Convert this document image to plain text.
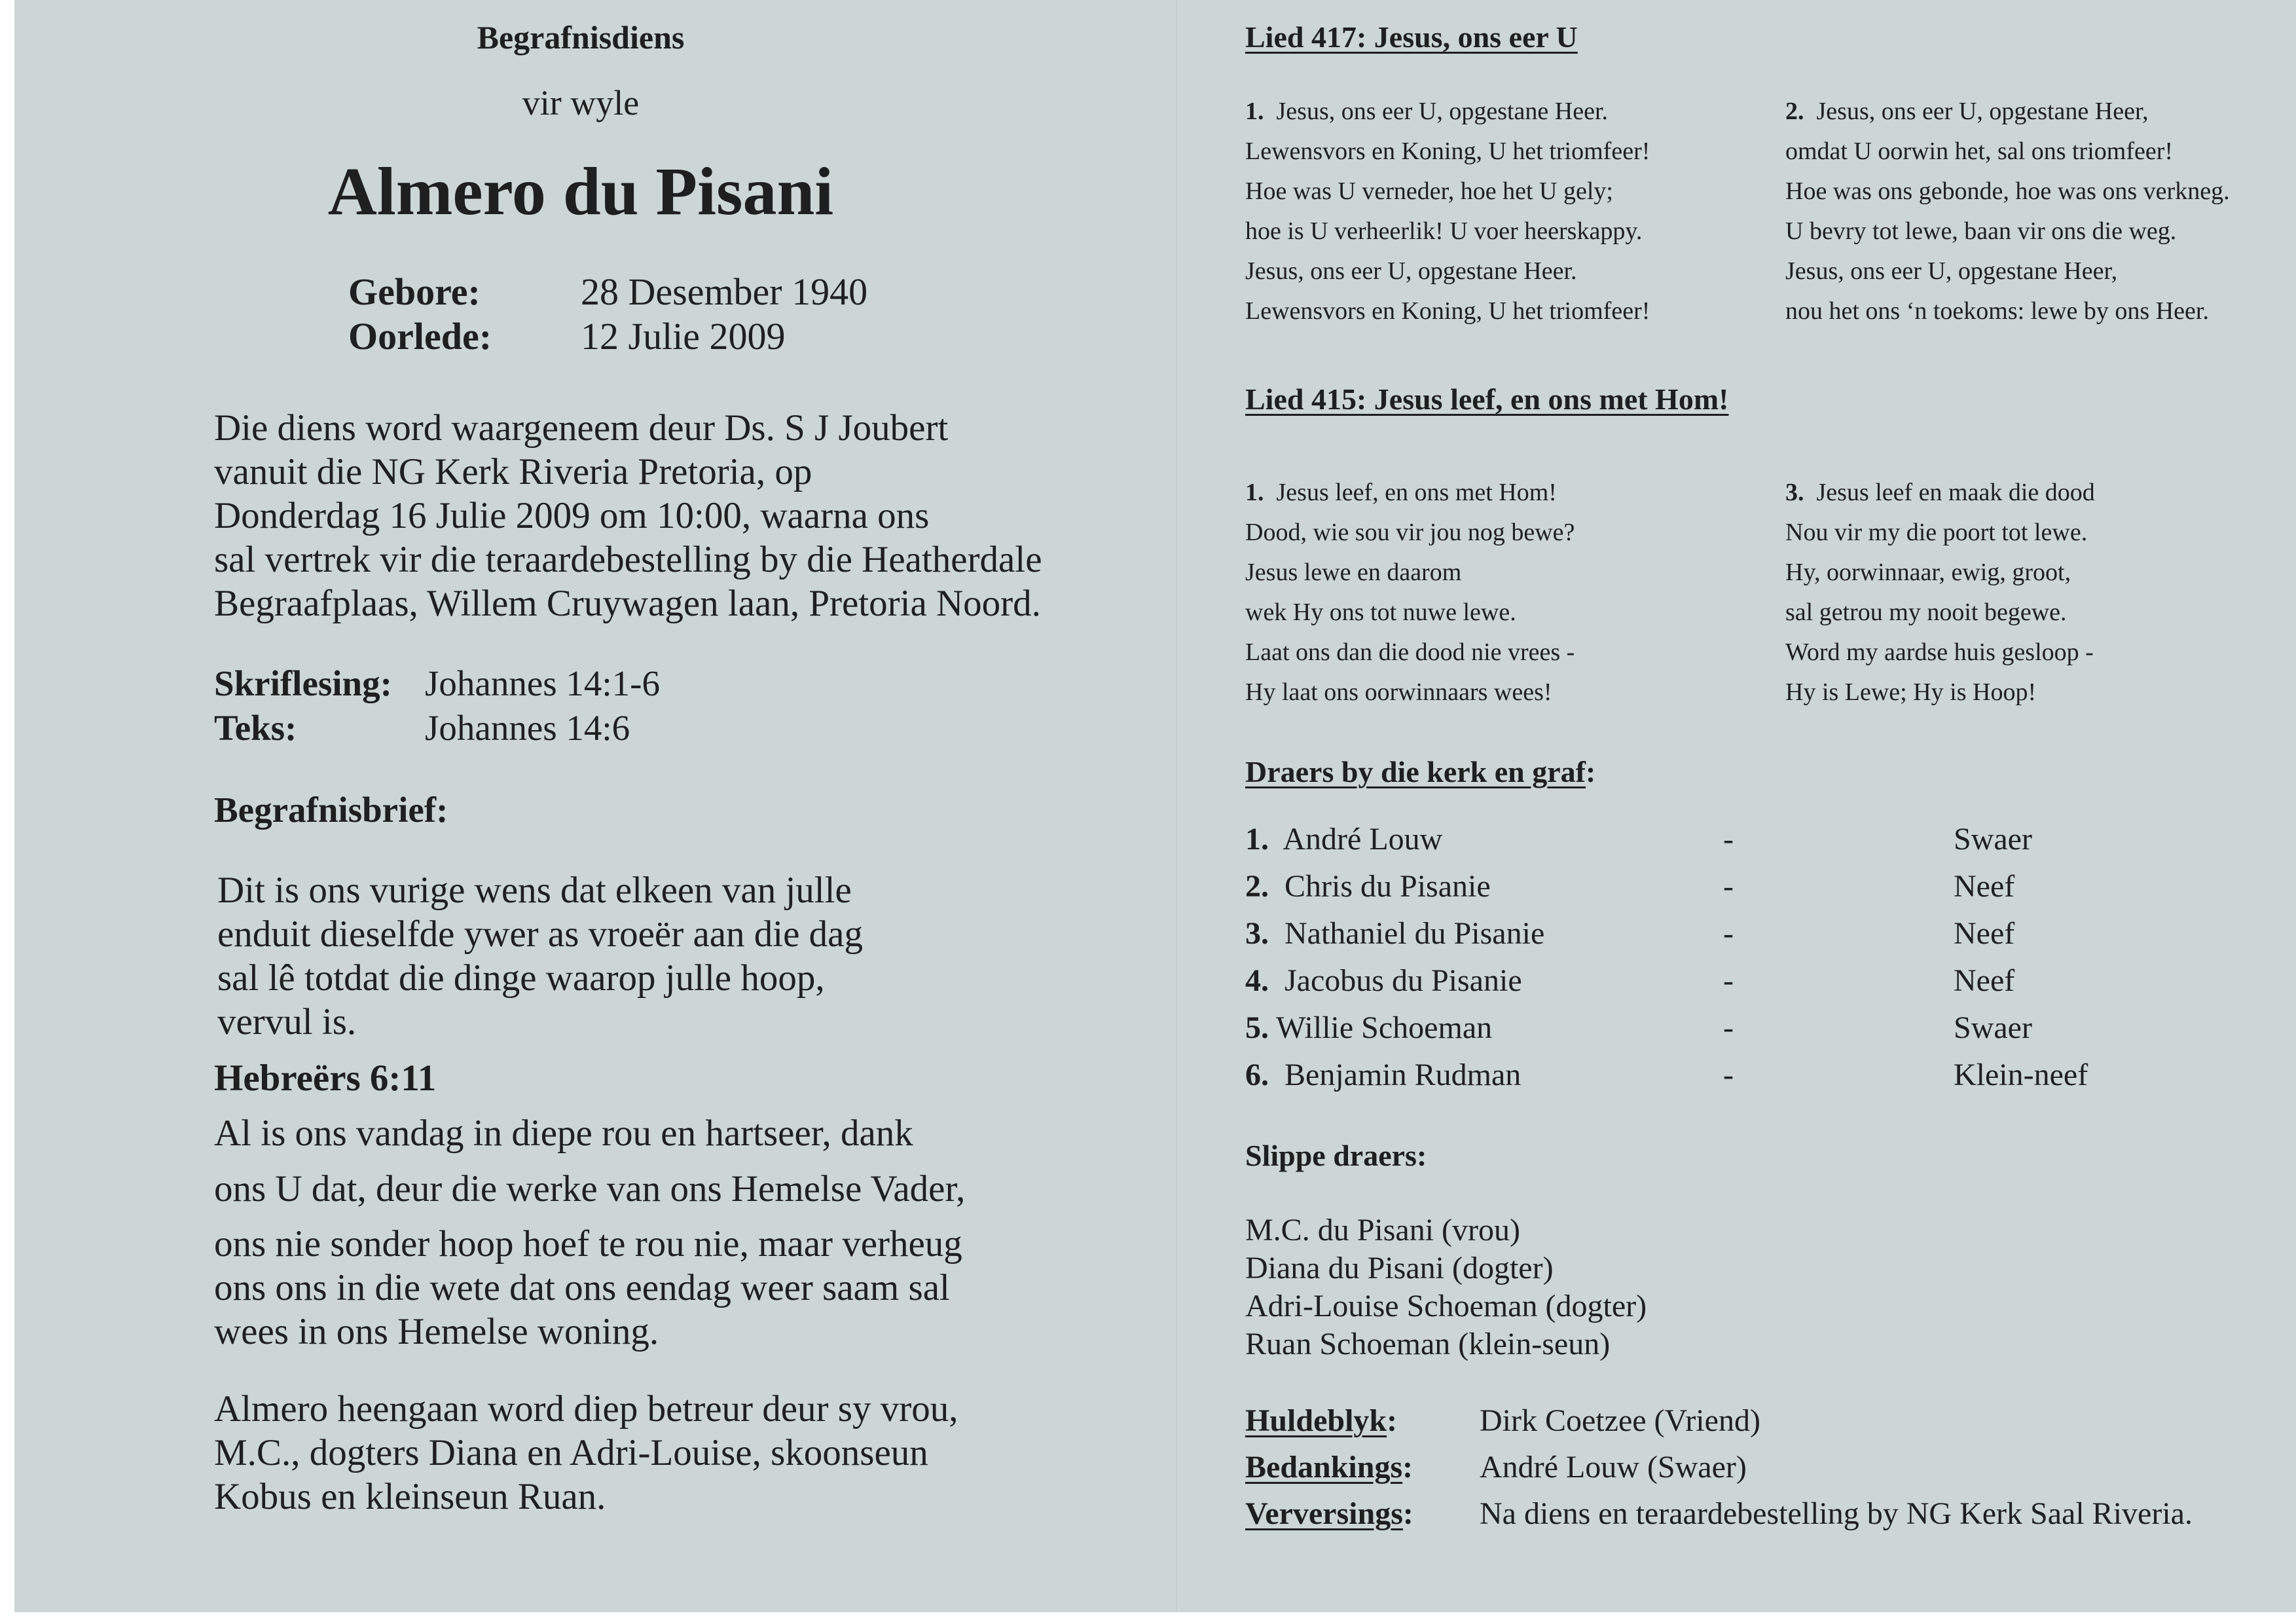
Begrafnisdiens
vir wyle
Almero du Pisani
Gebore:	28 Desember 1940
Oorlede: 12 Julie 2009
Die diens word waargeneem deur Ds. S J Joubert
vanuit die NG Kerk Riveria Pretoria, op
Donderdag 16 Julie 2009 om 10:00, waarna ons
sal vertrek vir die teraardebestelling by die Heatherdale
Begraafplaas, Willem Cruywagen laan, Pretoria Noord.
Skriflesing: Johannes 14:1-6
Teks:	Johannes 14:6
Begrafnisbrief:
Dit is ons vurige wens dat elkeen van julle
enduit dieselfde ywer as vroeër aan die dag
sal lê totdat die dinge waarop julle hoop,
vervul is.
Hebreërs 6:11
Al is ons vandag in diepe rou en hartseer, dank
ons U dat, deur die werke van ons Hemelse Vader,
ons nie sonder hoop hoef te rou nie, maar verheug
ons ons in die wete dat ons eendag weer saam sal
wees in ons Hemelse woning.
Almero heengaan word diep betreur deur sy vrou,
M.C., dogters Diana en Adri-Louise, skoonseun
Kobus en kleinseun Ruan.
Lied 417: Jesus, ons eer U
1. Jesus, ons eer U, opgestane Heer.
Lewensvors en Koning, U het triomfeer!
Hoe was U verneder, hoe het U gely;
hoe is U verheerlik! U voer heerskappy.
Jesus, ons eer U, opgestane Heer.
Lewensvors en Koning, U het triomfeer!
2. Jesus, ons eer U, opgestane Heer,
omdat U oorwin het, sal ons triomfeer!
Hoe was ons gebonde, hoe was ons verkneg.
U bevry tot lewe, baan vir ons die weg.
Jesus, ons eer U, opgestane Heer,
nou het ons ‘n toekoms: lewe by ons Heer.
Lied 415: Jesus leef, en ons met Hom!
1. Jesus leef, en ons met Hom!
Dood, wie sou vir jou nog bewe?
Jesus lewe en daarom
wek Hy ons tot nuwe lewe.
Laat ons dan die dood nie vrees -
Hy laat ons oorwinnaars wees!
3. Jesus leef en maak die dood
Nou vir my die poort tot lewe.
Hy, oorwinnaar, ewig, groot,
sal getrou my nooit begewe.
Word my aardse huis gesloop -
Hy is Lewe; Hy is Hoop!
Draers by die kerk en graf:
1. André Louw	-	Swaer
2. Chris du Pisanie	-	Neef
3. Nathaniel du Pisanie	-	Neef
4. Jacobus du Pisanie	-	Neef
5. Willie Schoeman	-	Swaer
6. Benjamin Rudman	-	Klein-neef
Slippe draers:
M.C. du Pisani (vrou)
Diana du Pisani (dogter)
Adri-Louise Schoeman (dogter)
Ruan Schoeman (klein-seun)
Huldeblyk:	Dirk Coetzee (Vriend)
Bedankings: André Louw (Swaer)
Verversings: Na diens en teraardebestelling by NG Kerk Saal Riveria.
